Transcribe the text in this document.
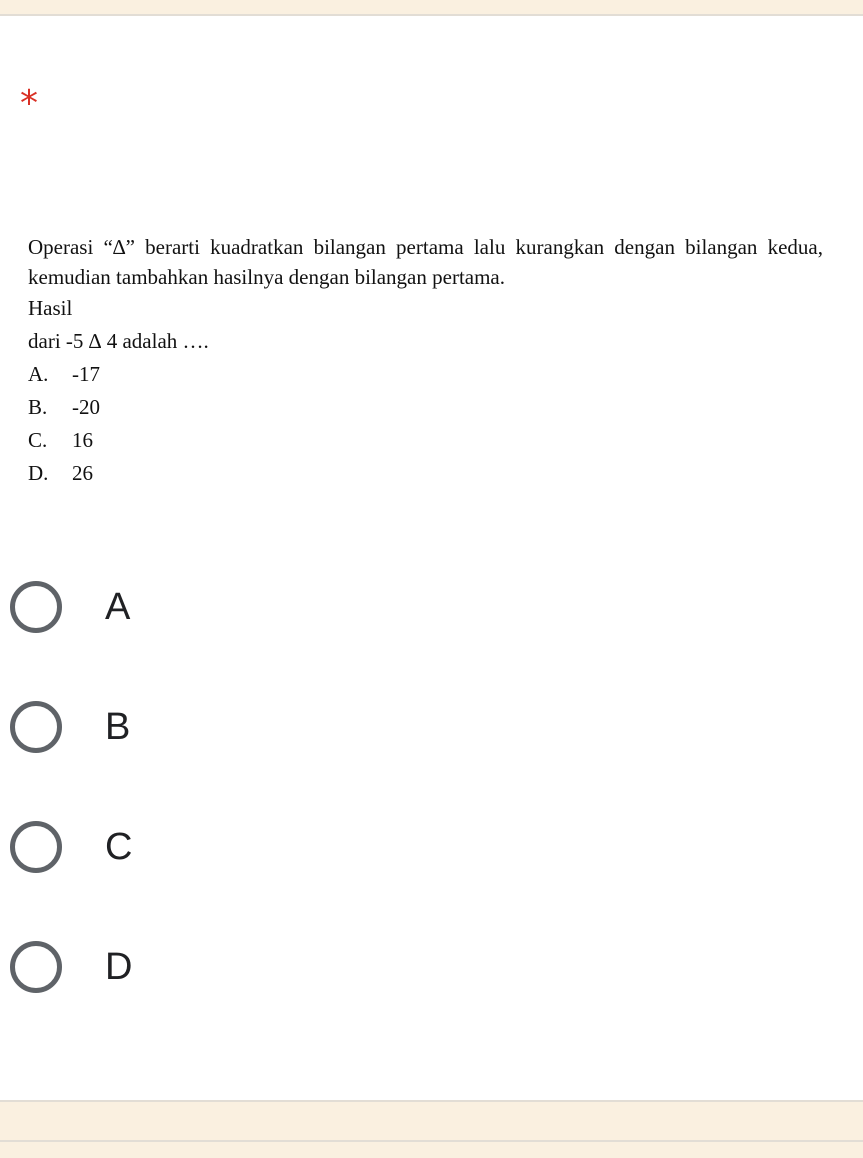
*

Operasi “∆” berarti kuadratkan bilangan pertama lalu kurangkan dengan bilangan kedua, kemudian tambahkan hasilnya dengan bilangan pertama.

Hasil

dari -5 ∆ 4 adalah ….

A.	-17
B.	-20
C.	16
D.	26
A
B
C
D
